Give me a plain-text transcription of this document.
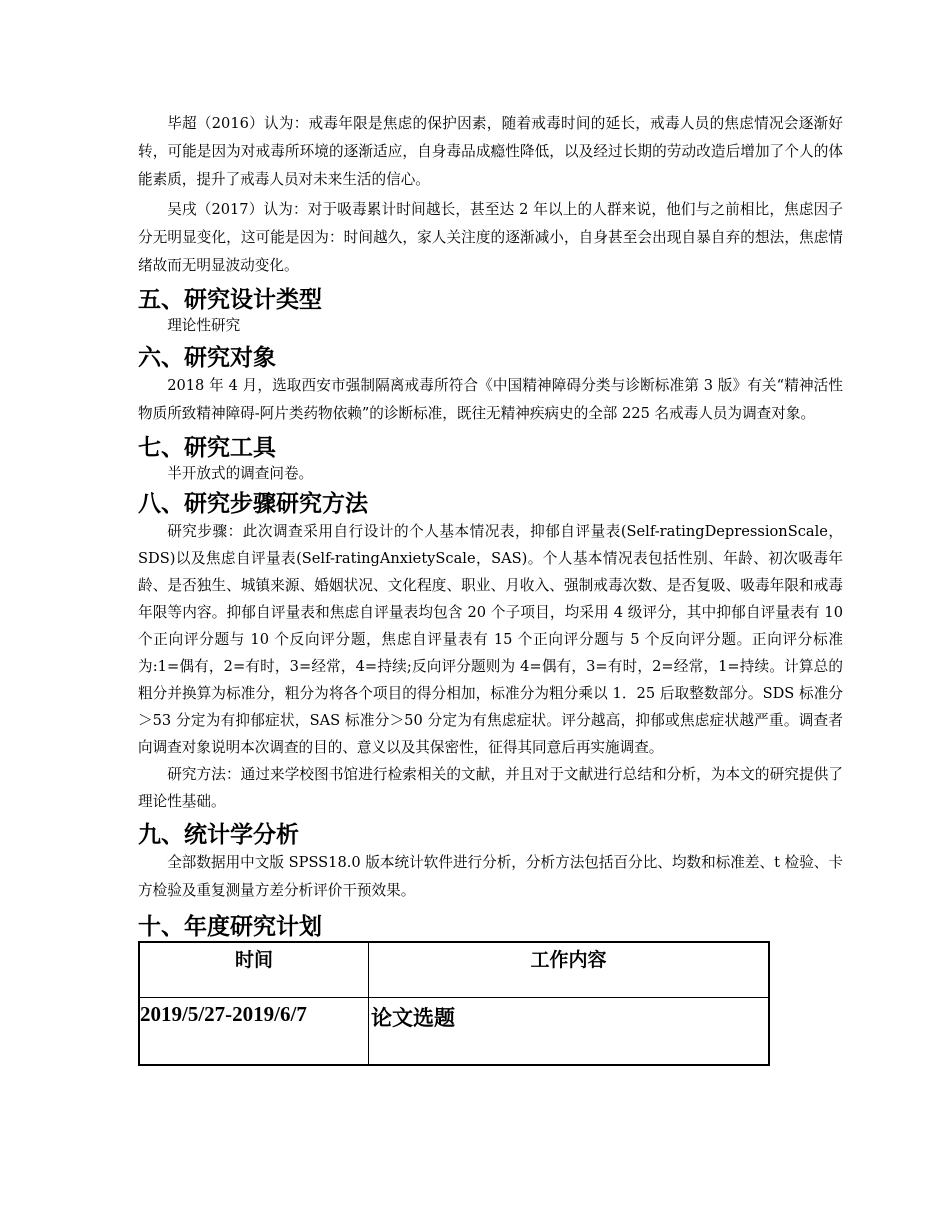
毕超（2016）认为：戒毒年限是焦虑的保护因素，随着戒毒时间的延长，戒毒人员的焦虑情况会逐渐好转，可能是因为对戒毒所环境的逐渐适应，自身毒品成瘾性降低，以及经过长期的劳动改造后增加了个人的体能素质，提升了戒毒人员对未来生活的信心。

吴戌（2017）认为：对于吸毒累计时间越长，甚至达 2 年以上的人群来说，他们与之前相比，焦虑因子分无明显变化，这可能是因为：时间越久，家人关注度的逐渐减小，自身甚至会出现自暴自弃的想法，焦虑情绪故而无明显波动变化。

五、研究设计类型

理论性研究

六、研究对象

2018 年 4 月，选取西安市强制隔离戒毒所符合《中国精神障碍分类与诊断标准第 3 版》有关“精神活性物质所致精神障碍-阿片类药物依赖”的诊断标准，既往无精神疾病史的全部 225 名戒毒人员为调查对象。

七、研究工具

半开放式的调查问卷。

八、研究步骤研究方法

研究步骤：此次调查采用自行设计的个人基本情况表，抑郁自评量表(Self-ratingDepressionScale，SDS)以及焦虑自评量表(Self-ratingAnxietyScale，SAS)。个人基本情况表包括性别、年龄、初次吸毒年龄、是否独生、城镇来源、婚姻状况、文化程度、职业、月收入、强制戒毒次数、是否复吸、吸毒年限和戒毒年限等内容。抑郁自评量表和焦虑自评量表均包含 20 个子项目，均采用 4 级评分，其中抑郁自评量表有 10 个正向评分题与 10 个反向评分题，焦虑自评量表有 15 个正向评分题与 5 个反向评分题。正向评分标准为:1=偶有，2=有时，3=经常，4=持续;反向评分题则为 4=偶有，3=有时，2=经常，1=持续。计算总的粗分并换算为标准分，粗分为将各个项目的得分相加，标准分为粗分乘以 1．25 后取整数部分。SDS 标准分＞53 分定为有抑郁症状，SAS 标准分＞50 分定为有焦虑症状。评分越高，抑郁或焦虑症状越严重。调查者向调查对象说明本次调查的目的、意义以及其保密性，征得其同意后再实施调查。

研究方法：通过来学校图书馆进行检索相关的文献，并且对于文献进行总结和分析，为本文的研究提供了理论性基础。

九、统计学分析

全部数据用中文版 SPSS18.0 版本统计软件进行分析，分析方法包括百分比、均数和标准差、t 检验、卡方检验及重复测量方差分析评价干预效果。

十、年度研究计划
时间	工作内容
2019/5/27-2019/6/7	论文选题
